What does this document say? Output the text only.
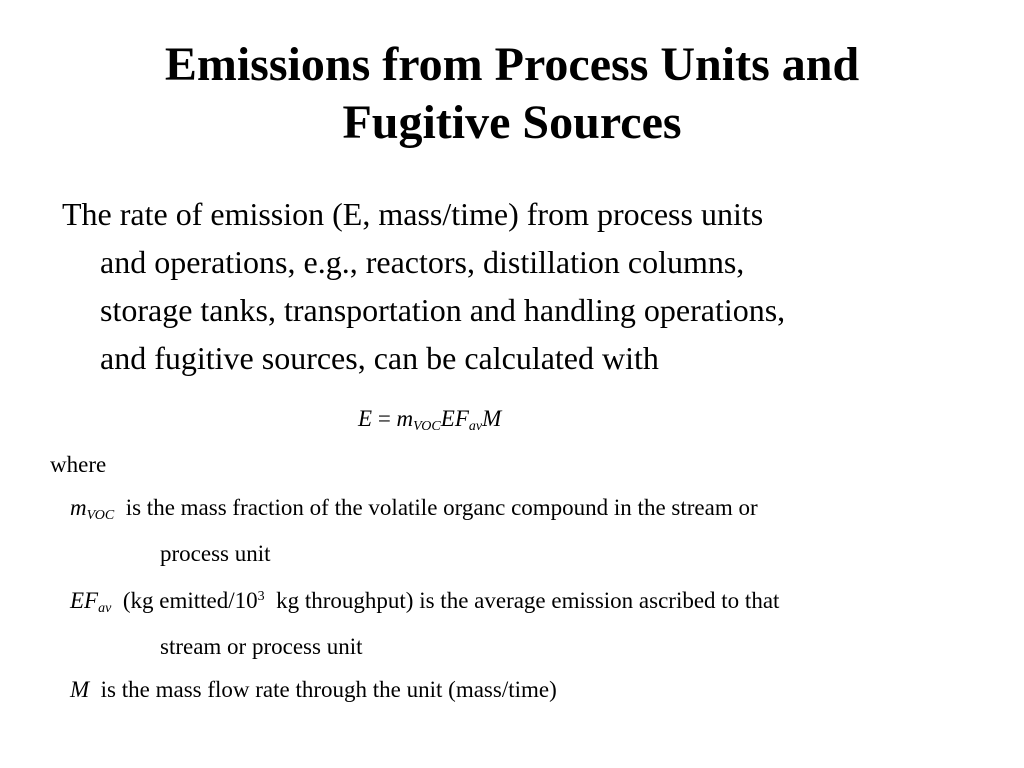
Emissions from Process Units and
Fugitive Sources
The rate of emission (E, mass/time) from process units
and operations, e.g., reactors, distillation columns,
storage tanks, transportation and handling operations,
and fugitive sources, can be calculated with
$E = m_{VOC}EF_{av}M$
where
$m_{VOC}$ is the mass fraction of the volatile organc compound in the stream or
process unit
$EF_{av}$ (kg emitted/$10^3$ kg throughput) is the average emission ascribed to that
stream or process unit
M is the mass flow rate through the unit (mass/time)
